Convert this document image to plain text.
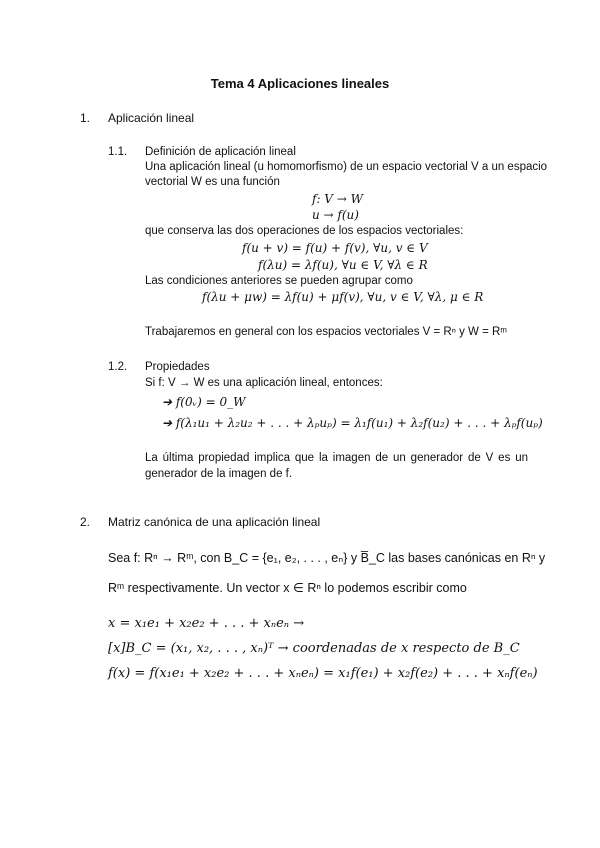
Tema 4 Aplicaciones lineales
1. Aplicación lineal
1.1. Definición de aplicación lineal
Una aplicación lineal (u homomorfismo) de un espacio vectorial V a un espacio
vectorial W es una función
f: V → W
u → f(u)
que conserva las dos operaciones de los espacios vectoriales:
f(u + v) = f(u) + f(v), ∀u, v ∈ V
f(λu) = λf(u), ∀u ∈ V, ∀λ ∈ R
Las condiciones anteriores se pueden agrupar como
f(λu + μw) = λf(u) + μf(v), ∀u, v ∈ V, ∀λ, μ ∈ R
Trabajaremos en general con los espacios vectoriales V = Rⁿ y W = Rᵐ
1.2. Propiedades
Si f: V → W es una aplicación lineal, entonces:
➔ f(0ᵥ) = 0_W
➔ f(λ₁u₁ + λ₂u₂ + . . . + λₚuₚ) = λ₁f(u₁) + λ₂f(u₂) + . . . + λₚf(uₚ)
La última propiedad implica que la imagen de un generador de V es un
generador de la imagen de f.
2. Matriz canónica de una aplicación lineal
Sea f: Rⁿ → Rᵐ, con B_C = {e₁, e₂, . . . , eₙ} y B̅_C las bases canónicas en Rⁿ y
Rᵐ respectivamente. Un vector x ∈ Rⁿ lo podemos escribir como
x = x₁e₁ + x₂e₂ + . . . + xₙeₙ →
[x]B_C = (x₁, x₂, . . . , xₙ)ᵀ → coordenadas de x respecto de B_C
f(x) = f(x₁e₁ + x₂e₂ + . . . + xₙeₙ) = x₁f(e₁) + x₂f(e₂) + . . . + xₙf(eₙ)
